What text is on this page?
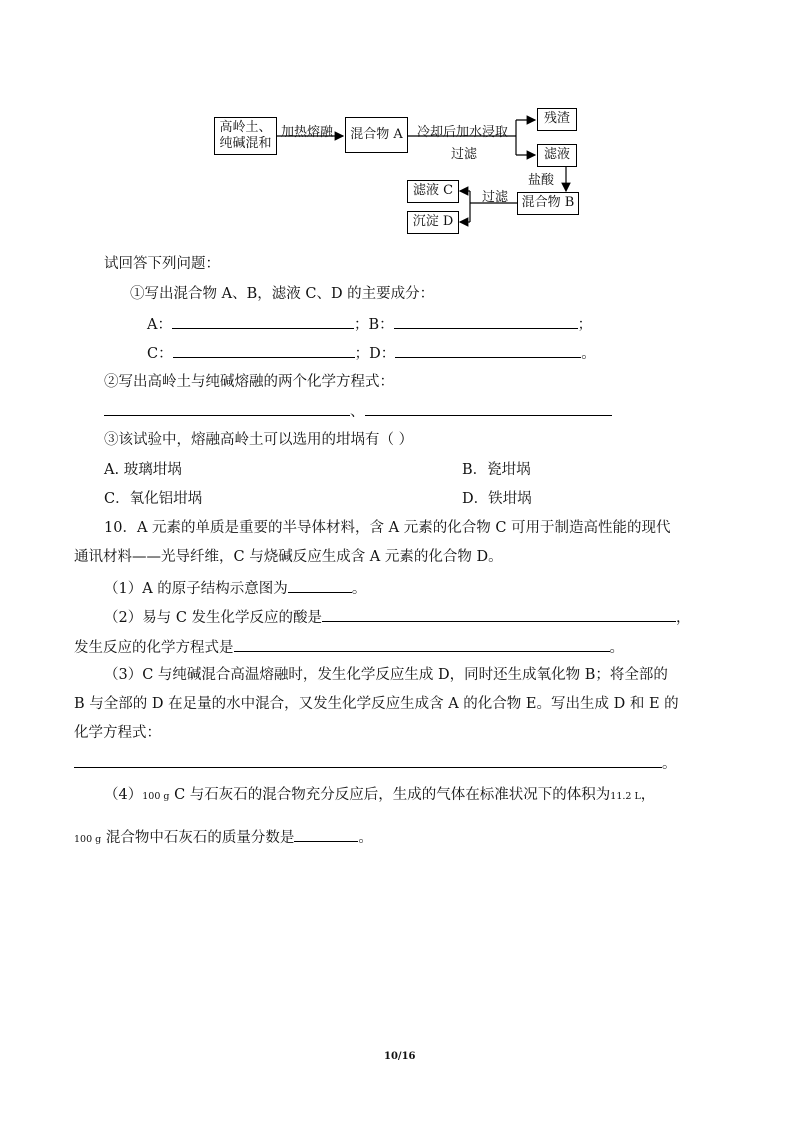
高岭土、
纯碱混和
加热熔融	混合物 A	冷却后加水浸取
过滤
残渣
滤液
盐酸
混合物 B
过滤
滤液 C
沉淀 D
试回答下列问题：
①写出混合物 A、B，滤液 C、D 的主要成分：
A：	；B：	；
C：	；D：	。
②写出高岭土与纯碱熔融的两个化学方程式：
、
③该试验中，熔融高岭土可以选用的坩埚有（ ）
A. 玻璃坩埚	B．瓷坩埚
C．氧化铝坩埚	D．铁坩埚
10．A 元素的单质是重要的半导体材料，含 A 元素的化合物 C 可用于制造高性能的现代
通讯材料——光导纤维，C 与烧碱反应生成含 A 元素的化合物 D。
（1）A 的原子结构示意图为	。
（2）易与 C 发生化学反应的酸是	，
发生反应的化学方程式是	。
（3）C 与纯碱混合高温熔融时，发生化学反应生成 D，同时还生成氧化物 B；将全部的
B 与全部的 D 在足量的水中混合，又发生化学反应生成含 A 的化合物 E。写出生成 D 和 E 的
化学方程式：
。
（4）100 g C 与石灰石的混合物充分反应后，生成的气体在标准状况下的体积为11.2 L，
100 g 混合物中石灰石的质量分数是	。
10/16
